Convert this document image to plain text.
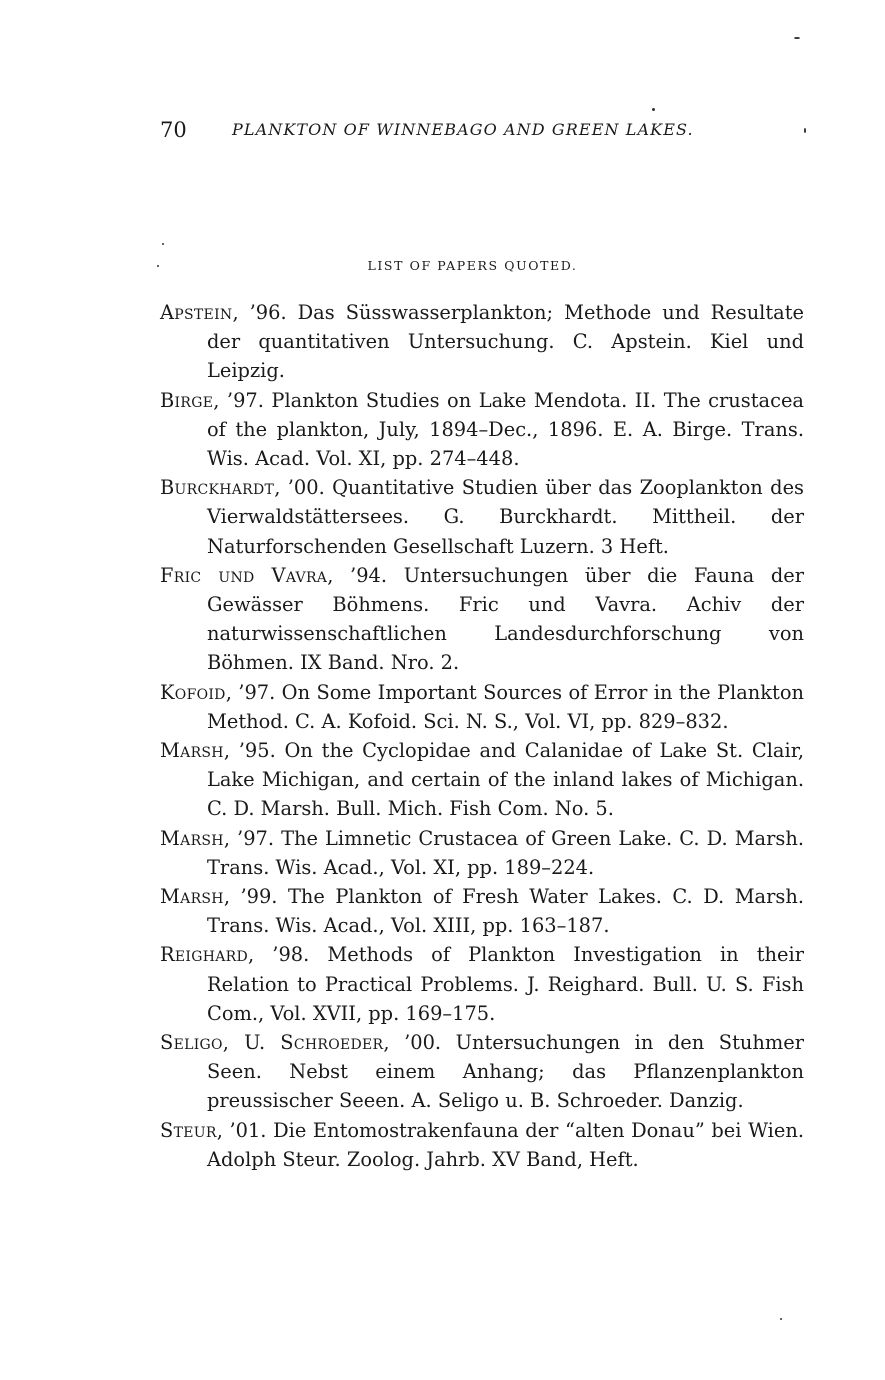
70	PLANKTON OF WINNEBAGO AND GREEN LAKES.
LIST OF PAPERS QUOTED.

Apstein, ’96. Das Süsswasserplankton; Methode und Resultate der quantitativen Untersuchung. C. Apstein. Kiel und Leipzig.

Birge, ’97. Plankton Studies on Lake Mendota. II. The crustacea of the plankton, July, 1894–Dec., 1896. E. A. Birge. Trans. Wis. Acad. Vol. XI, pp. 274–448.

Burckhardt, ’00. Quantitative Studien über das Zooplankton des Vierwaldstättersees. G. Burckhardt. Mittheil. der Naturforschenden Gesellschaft Luzern. 3 Heft.

Fric und Vavra, ’94. Untersuchungen über die Fauna der Gewässer Böhmens. Fric und Vavra. Achiv der naturwissenschaftlichen Landesdurchforschung von Böhmen. IX Band. Nro. 2.

Kofoid, ’97. On Some Important Sources of Error in the Plankton Method. C. A. Kofoid. Sci. N. S., Vol. VI, pp. 829–832.

Marsh, ’95. On the Cyclopidae and Calanidae of Lake St. Clair, Lake Michigan, and certain of the inland lakes of Michigan. C. D. Marsh. Bull. Mich. Fish Com. No. 5.

Marsh, ’97. The Limnetic Crustacea of Green Lake. C. D. Marsh. Trans. Wis. Acad., Vol. XI, pp. 189–224.

Marsh, ’99. The Plankton of Fresh Water Lakes. C. D. Marsh. Trans. Wis. Acad., Vol. XIII, pp. 163–187.

Reighard, ’98. Methods of Plankton Investigation in their Relation to Practical Problems. J. Reighard. Bull. U. S. Fish Com., Vol. XVII, pp. 169–175.

Seligo, U. Schroeder, ’00. Untersuchungen in den Stuhmer Seen. Nebst einem Anhang; das Pflanzenplankton preussischer Seeen. A. Seligo u. B. Schroeder. Danzig.

Steur, ’01. Die Entomostrakenfauna der “alten Donau” bei Wien. Adolph Steur. Zoolog. Jahrb. XV Band, Heft.
